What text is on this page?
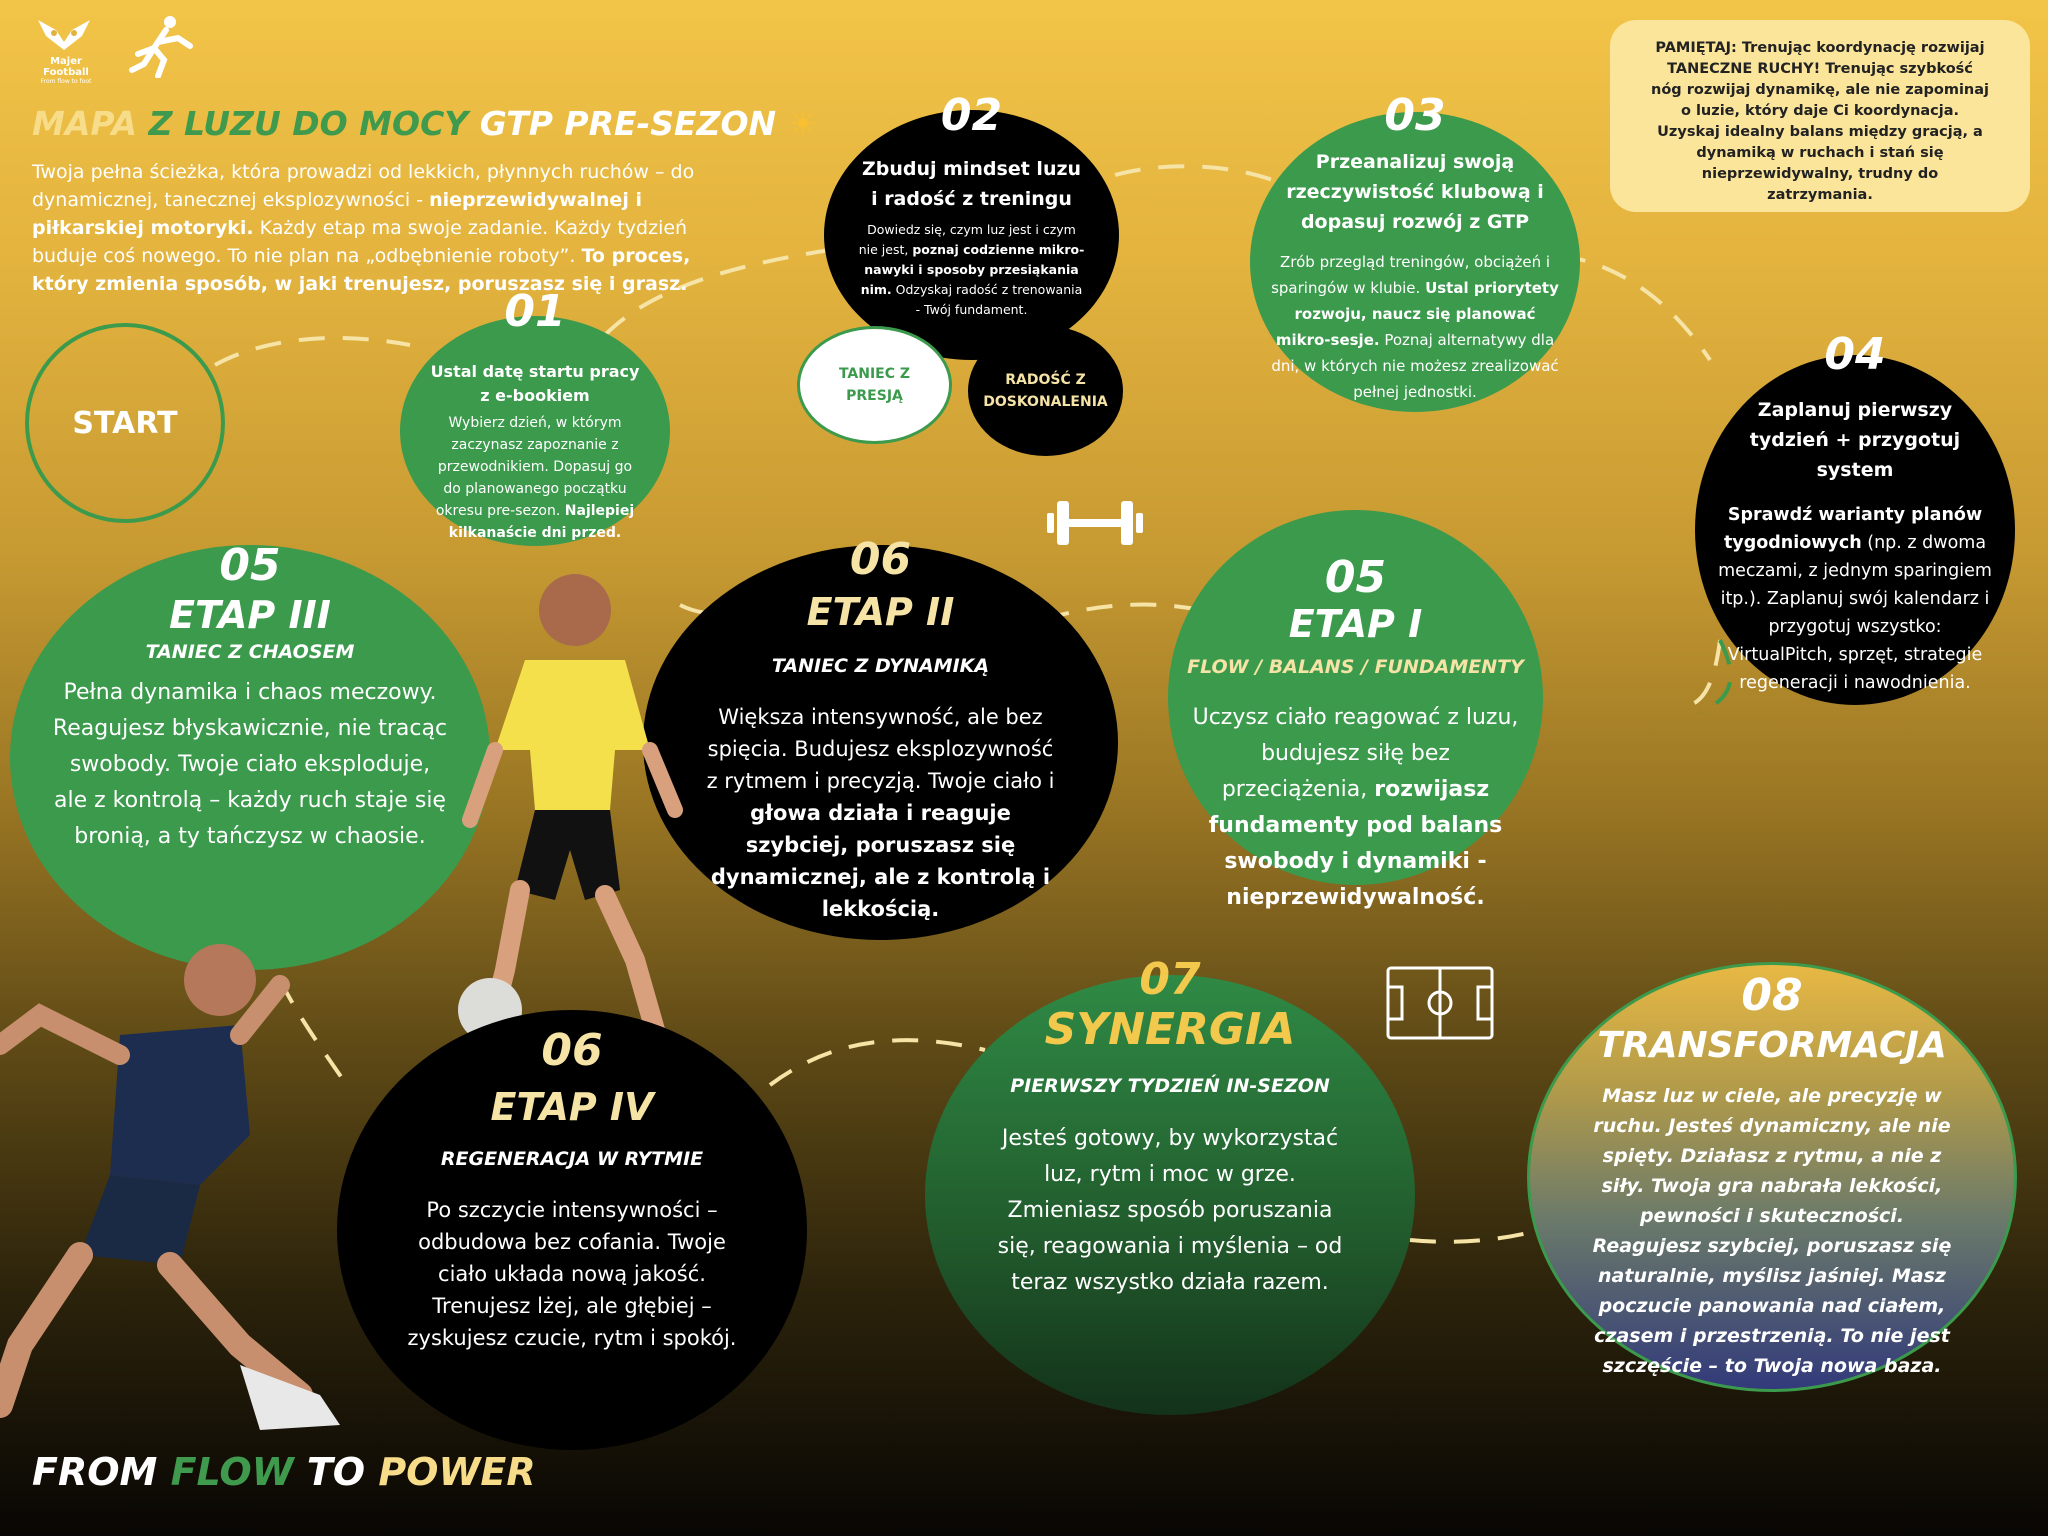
Majer
Football
From flow to foot
MAPA Z LUZU DO MOCY GTP PRE-SEZON ☀
Twoja pełna ścieżka, która prowadzi od lekkich, płynnych ruchów – do dynamicznej, tanecznej eksplozywności - nieprzewidywalnej i piłkarskiej motoryki. Każdy etap ma swoje zadanie. Każdy tydzień buduje coś nowego. To nie plan na „odbębnienie roboty”. To proces, który zmienia sposób, w jaki trenujesz, poruszasz się i grasz.
PAMIĘTAJ: Trenując koordynację rozwijaj TANECZNE RUCHY! Trenując szybkość nóg rozwijaj dynamikę, ale nie zapominaj o luzie, który daje Ci koordynacja. Uzyskaj idealny balans między gracją, a dynamiką w ruchach i stań się nieprzewidywalny, trudny do zatrzymania.
START
01
Ustal datę startu pracy z e-bookiem
Wybierz dzień, w którym zaczynasz zapoznanie z przewodnikiem. Dopasuj go do planowanego początku okresu pre-sezon. Najlepiej kilkanaście dni przed.
02
Zbuduj mindset luzu i radość z treningu
Dowiedz się, czym luz jest i czym nie jest, poznaj codzienne mikro-nawyki i sposoby przesiąkania nim. Odzyskaj radość z trenowania - Twój fundament.
TANIEC Z PRESJĄ
RADOŚĆ Z DOSKONALENIA
03
Przeanalizuj swoją rzeczywistość klubową i dopasuj rozwój z GTP
Zrób przegląd treningów, obciążeń i sparingów w klubie. Ustal priorytety rozwoju, naucz się planować mikro-sesje. Poznaj alternatywy dla dni, w których nie możesz zrealizować pełnej jednostki.
04
Zaplanuj pierwszy tydzień + przygotuj system
Sprawdź warianty planów tygodniowych (np. z dwoma meczami, z jednym sparingiem itp.). Zaplanuj swój kalendarz i przygotuj wszystko: VirtualPitch, sprzęt, strategie regeneracji i nawodnienia.
05
ETAP I
FLOW / BALANS / FUNDAMENTY
Uczysz ciało reagować z luzu, budujesz siłę bez przeciążenia, rozwijasz fundamenty pod balans swobody i dynamiki - nieprzewidywalność.
06
ETAP II
TANIEC Z DYNAMIKĄ
Większa intensywność, ale bez spięcia. Budujesz eksplozywność z rytmem i precyzją. Twoje ciało i głowa działa i reaguje szybciej, poruszasz się dynamicznej, ale z kontrolą i lekkością.
05
ETAP III
TANIEC Z CHAOSEM
Pełna dynamika i chaos meczowy. Reagujesz błyskawicznie, nie tracąc swobody. Twoje ciało eksploduje, ale z kontrolą – każdy ruch staje się bronią, a ty tańczysz w chaosie.
06
ETAP IV
REGENERACJA W RYTMIE
Po szczycie intensywności – odbudowa bez cofania. Twoje ciało układa nową jakość. Trenujesz lżej, ale głębiej – zyskujesz czucie, rytm i spokój.
07
SYNERGIA
PIERWSZY TYDZIEŃ IN-SEZON
Jesteś gotowy, by wykorzystać luz, rytm i moc w grze. Zmieniasz sposób poruszania się, reagowania i myślenia – od teraz wszystko działa razem.
08
TRANSFORMACJA
Masz luz w ciele, ale precyzję w ruchu. Jesteś dynamiczny, ale nie spięty. Działasz z rytmu, a nie z siły. Twoja gra nabrała lekkości, pewności i skuteczności. Reagujesz szybciej, poruszasz się naturalnie, myślisz jaśniej. Masz poczucie panowania nad ciałem, czasem i przestrzenią. To nie jest szczęście – to Twoja nowa baza.
FROM FLOW TO POWER
